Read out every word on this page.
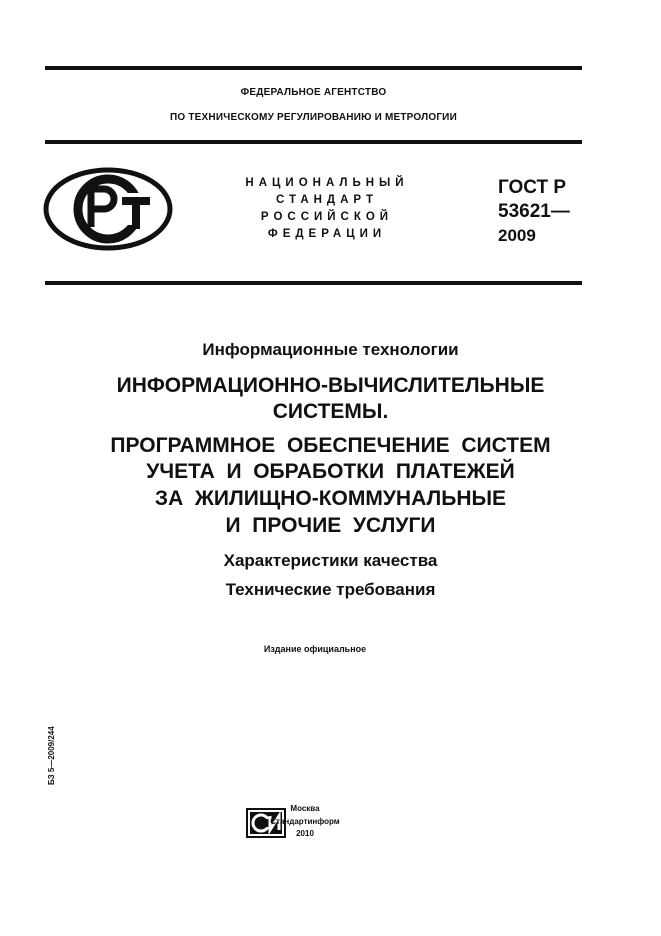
ФЕДЕРАЛЬНОЕ АГЕНТСТВО
ПО ТЕХНИЧЕСКОМУ РЕГУЛИРОВАНИЮ И МЕТРОЛОГИИ
НАЦИОНАЛЬНЫЙ
СТАНДАРТ
РОССИЙСКОЙ
ФЕДЕРАЦИИ
ГОСТ Р
53621—
2009
Информационные технологии
ИНФОРМАЦИОННО-ВЫЧИСЛИТЕЛЬНЫЕ
СИСТЕМЫ.
ПРОГРАММНОЕ  ОБЕСПЕЧЕНИЕ  СИСТЕМ
УЧЕТА  И  ОБРАБОТКИ  ПЛАТЕЖЕЙ
ЗА  ЖИЛИЩНО-КОММУНАЛЬНЫЕ
И  ПРОЧИЕ  УСЛУГИ
Характеристики качества
Технические требования
Издание официальное
БЗ 5—2009/244
Москва
Стандартинформ
2010
